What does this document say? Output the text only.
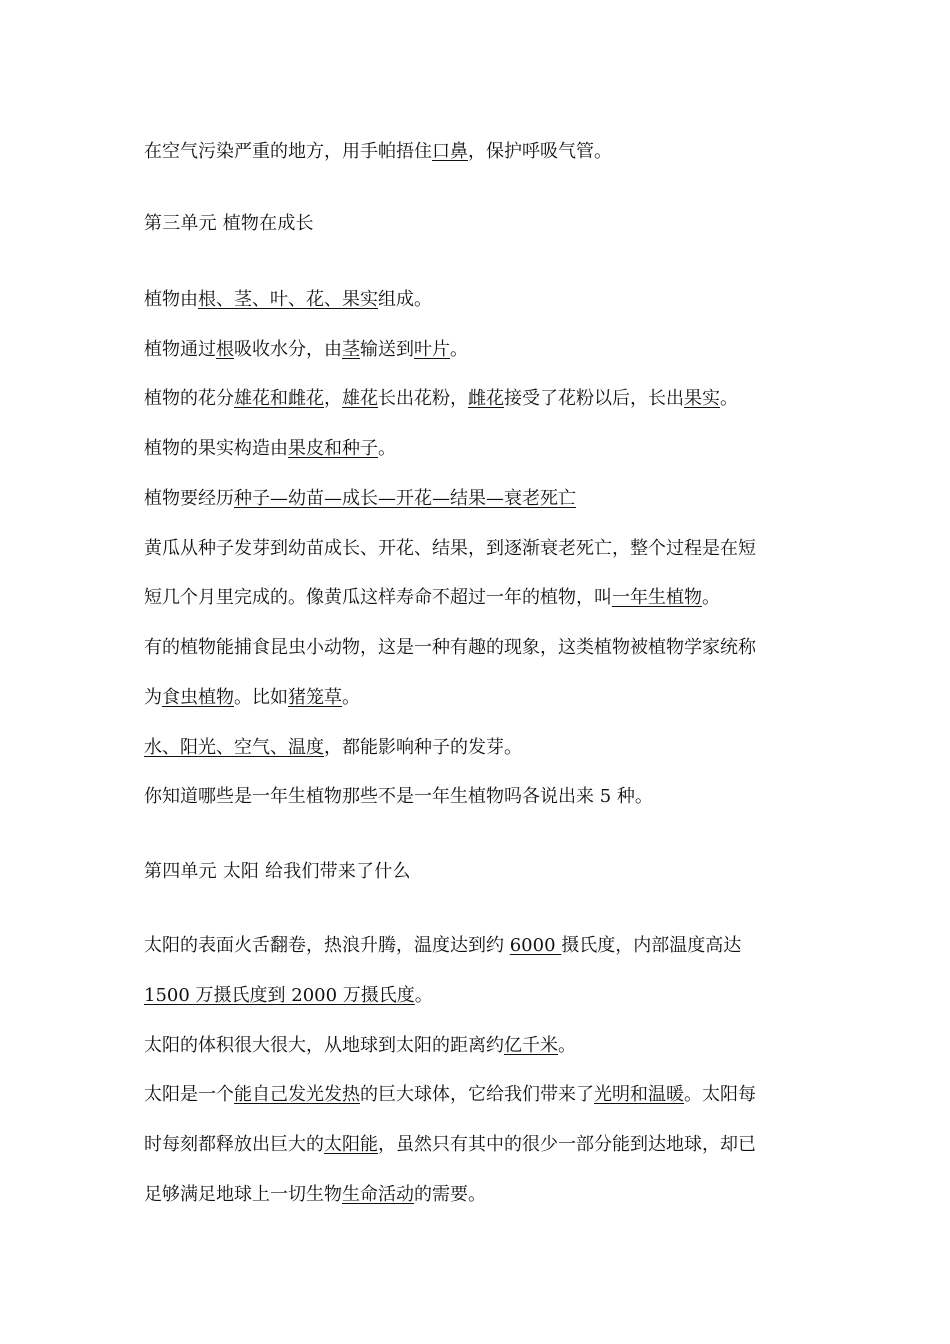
在空气污染严重的地方，用手帕捂住口鼻，保护呼吸气管。
第三单元 植物在成长
植物由根、茎、叶、花、果实组成。
植物通过根吸收水分，由茎输送到叶片。
植物的花分雄花和雌花，雄花长出花粉，雌花接受了花粉以后，长出果实。
植物的果实构造由果皮和种子。
植物要经历种子—幼苗—成长—开花—结果—衰老死亡
黄瓜从种子发芽到幼苗成长、开花、结果，到逐渐衰老死亡，整个过程是在短
短几个月里完成的。像黄瓜这样寿命不超过一年的植物，叫一年生植物。
有的植物能捕食昆虫小动物，这是一种有趣的现象，这类植物被植物学家统称
为食虫植物。比如猪笼草。
水、阳光、空气、温度，都能影响种子的发芽。
你知道哪些是一年生植物那些不是一年生植物吗各说出来 5 种。
第四单元 太阳 给我们带来了什么
太阳的表面火舌翻卷，热浪升腾，温度达到约 6000 摄氏度，内部温度高达
1500 万摄氏度到 2000 万摄氏度。
太阳的体积很大很大，从地球到太阳的距离约亿千米。
太阳是一个能自己发光发热的巨大球体，它给我们带来了光明和温暖。太阳每
时每刻都释放出巨大的太阳能，虽然只有其中的很少一部分能到达地球，却已
足够满足地球上一切生物生命活动的需要。
